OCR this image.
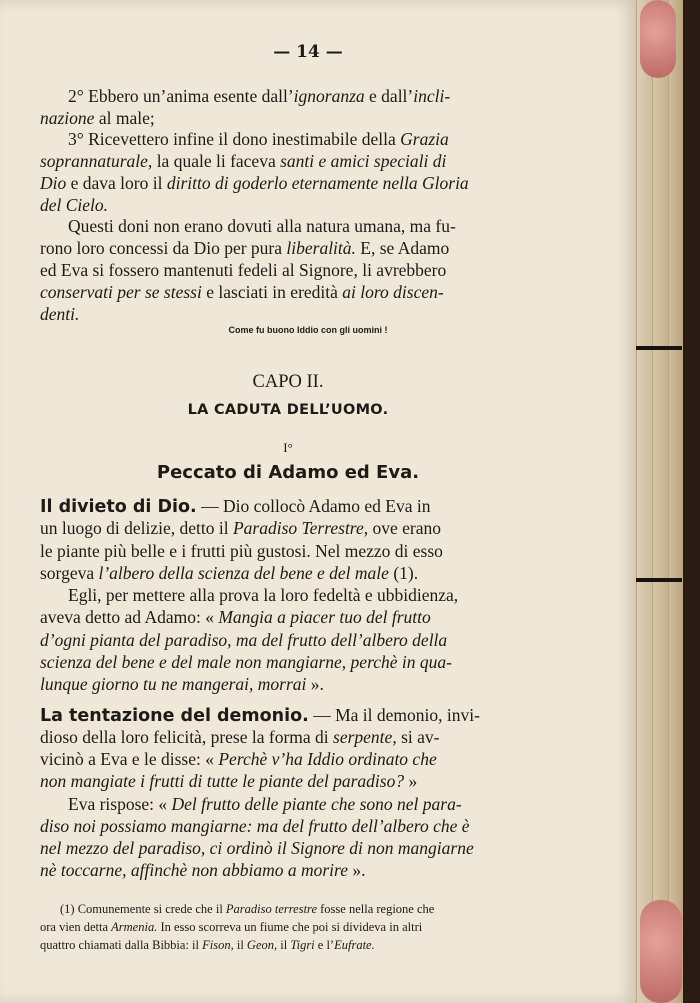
— 14 —
2° Ebbero un’anima esente dall’ignoranza e dall’incli-
nazione al male;
3° Ricevettero infine il dono inestimabile della Grazia
soprannaturale, la quale li faceva santi e amici speciali di
Dio e dava loro il diritto di goderlo eternamente nella Gloria
del Cielo.
Questi doni non erano dovuti alla natura umana, ma fu-
rono loro concessi da Dio per pura liberalità. E, se Adamo
ed Eva si fossero mantenuti fedeli al Signore, li avrebbero
conservati per se stessi e lasciati in eredità ai loro discen-
denti.
Come fu buono Iddio con gli uomini !
CAPO II.
LA CADUTA DELL’UOMO.
I°
Peccato di Adamo ed Eva.
Il divieto di Dio. — Dio collocò Adamo ed Eva in
un luogo di delizie, detto il Paradiso Terrestre, ove erano
le piante più belle e i frutti più gustosi. Nel mezzo di esso
sorgeva l’albero della scienza del bene e del male (1).
Egli, per mettere alla prova la loro fedeltà e ubbidienza,
aveva detto ad Adamo: « Mangia a piacer tuo del frutto
d’ogni pianta del paradiso, ma del frutto dell’albero della
scienza del bene e del male non mangiarne, perchè in qua-
lunque giorno tu ne mangerai, morrai ».
La tentazione del demonio. — Ma il demonio, invi-
dioso della loro felicità, prese la forma di serpente, si av-
vicinò a Eva e le disse: « Perchè v’ha Iddio ordinato che
non mangiate i frutti di tutte le piante del paradiso? »
Eva rispose: « Del frutto delle piante che sono nel para-
diso noi possiamo mangiarne: ma del frutto dell’albero che è
nel mezzo del paradiso, ci ordinò il Signore di non mangiarne
nè toccarne, affinchè non abbiamo a morire ».
(1) Comunemente si crede che il Paradiso terrestre fosse nella regione che
ora vien detta Armenia. In esso scorreva un fiume che poi si divideva in altri
quattro chiamati dalla Bibbia: il Fison, il Geon, il Tigri e l’Eufrate.
